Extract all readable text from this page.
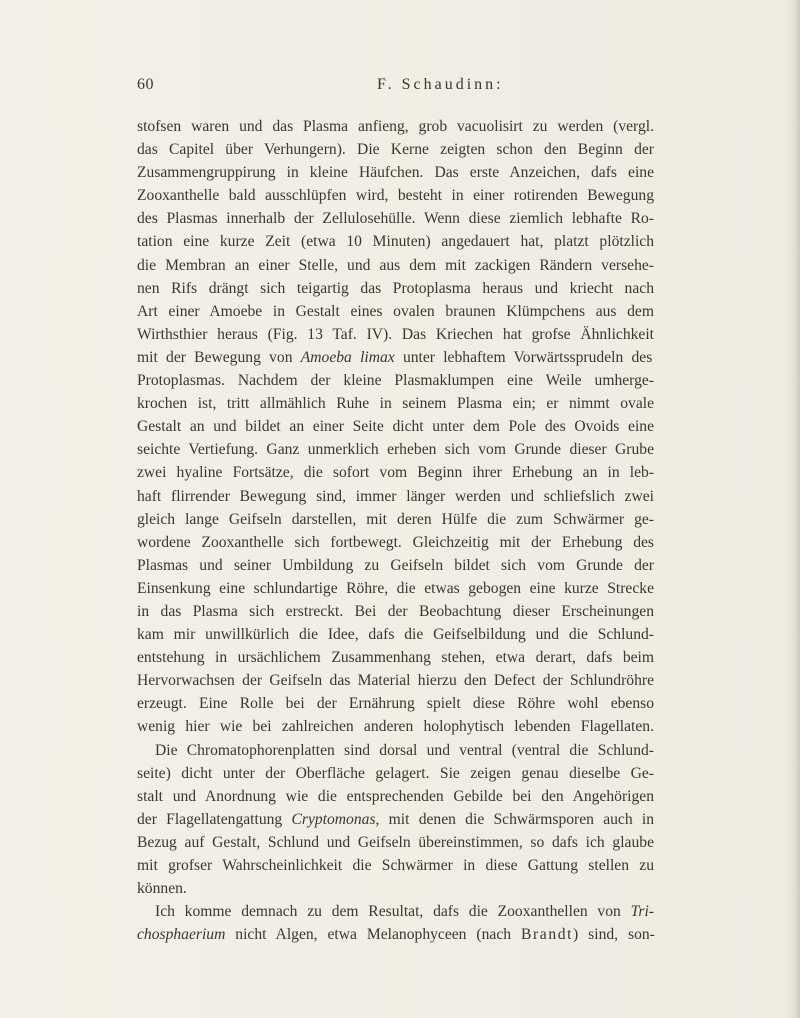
60	F. Schaudinn:
stofsen waren und das Plasma anfieng, grob vacuolisirt zu werden (vergl.
das Capitel über Verhungern). Die Kerne zeigten schon den Beginn der
Zusammengruppirung in kleine Häufchen. Das erste Anzeichen, dafs eine
Zooxanthelle bald ausschlüpfen wird, besteht in einer rotirenden Bewegung
des Plasmas innerhalb der Zellulosehülle. Wenn diese ziemlich lebhafte Ro-
tation eine kurze Zeit (etwa 10 Minuten) angedauert hat, platzt plötzlich
die Membran an einer Stelle, und aus dem mit zackigen Rändern versehe-
nen Rifs drängt sich teigartig das Protoplasma heraus und kriecht nach
Art einer Amoebe in Gestalt eines ovalen braunen Klümpchens aus dem
Wirthsthier heraus (Fig. 13 Taf. IV). Das Kriechen hat grofse Ähnlichkeit
mit der Bewegung von Amoeba limax unter lebhaftem Vorwärtssprudeln des
Protoplasmas. Nachdem der kleine Plasmaklumpen eine Weile umherge-
krochen ist, tritt allmählich Ruhe in seinem Plasma ein; er nimmt ovale
Gestalt an und bildet an einer Seite dicht unter dem Pole des Ovoids eine
seichte Vertiefung. Ganz unmerklich erheben sich vom Grunde dieser Grube
zwei hyaline Fortsätze, die sofort vom Beginn ihrer Erhebung an in leb-
haft flirrender Bewegung sind, immer länger werden und schliefslich zwei
gleich lange Geifseln darstellen, mit deren Hülfe die zum Schwärmer ge-
wordene Zooxanthelle sich fortbewegt. Gleichzeitig mit der Erhebung des
Plasmas und seiner Umbildung zu Geifseln bildet sich vom Grunde der
Einsenkung eine schlundartige Röhre, die etwas gebogen eine kurze Strecke
in das Plasma sich erstreckt. Bei der Beobachtung dieser Erscheinungen
kam mir unwillkürlich die Idee, dafs die Geifselbildung und die Schlund-
entstehung in ursächlichem Zusammenhang stehen, etwa derart, dafs beim
Hervorwachsen der Geifseln das Material hierzu den Defect der Schlundröhre
erzeugt. Eine Rolle bei der Ernährung spielt diese Röhre wohl ebenso
wenig hier wie bei zahlreichen anderen holophytisch lebenden Flagellaten.
Die Chromatophorenplatten sind dorsal und ventral (ventral die Schlund-
seite) dicht unter der Oberfläche gelagert. Sie zeigen genau dieselbe Ge-
stalt und Anordnung wie die entsprechenden Gebilde bei den Angehörigen
der Flagellatengattung Cryptomonas, mit denen die Schwärmsporen auch in
Bezug auf Gestalt, Schlund und Geifseln übereinstimmen, so dafs ich glaube
mit grofser Wahrscheinlichkeit die Schwärmer in diese Gattung stellen zu
können.
Ich komme demnach zu dem Resultat, dafs die Zooxanthellen von Tri-
chosphaerium nicht Algen, etwa Melanophyceen (nach Brandt) sind, son-
